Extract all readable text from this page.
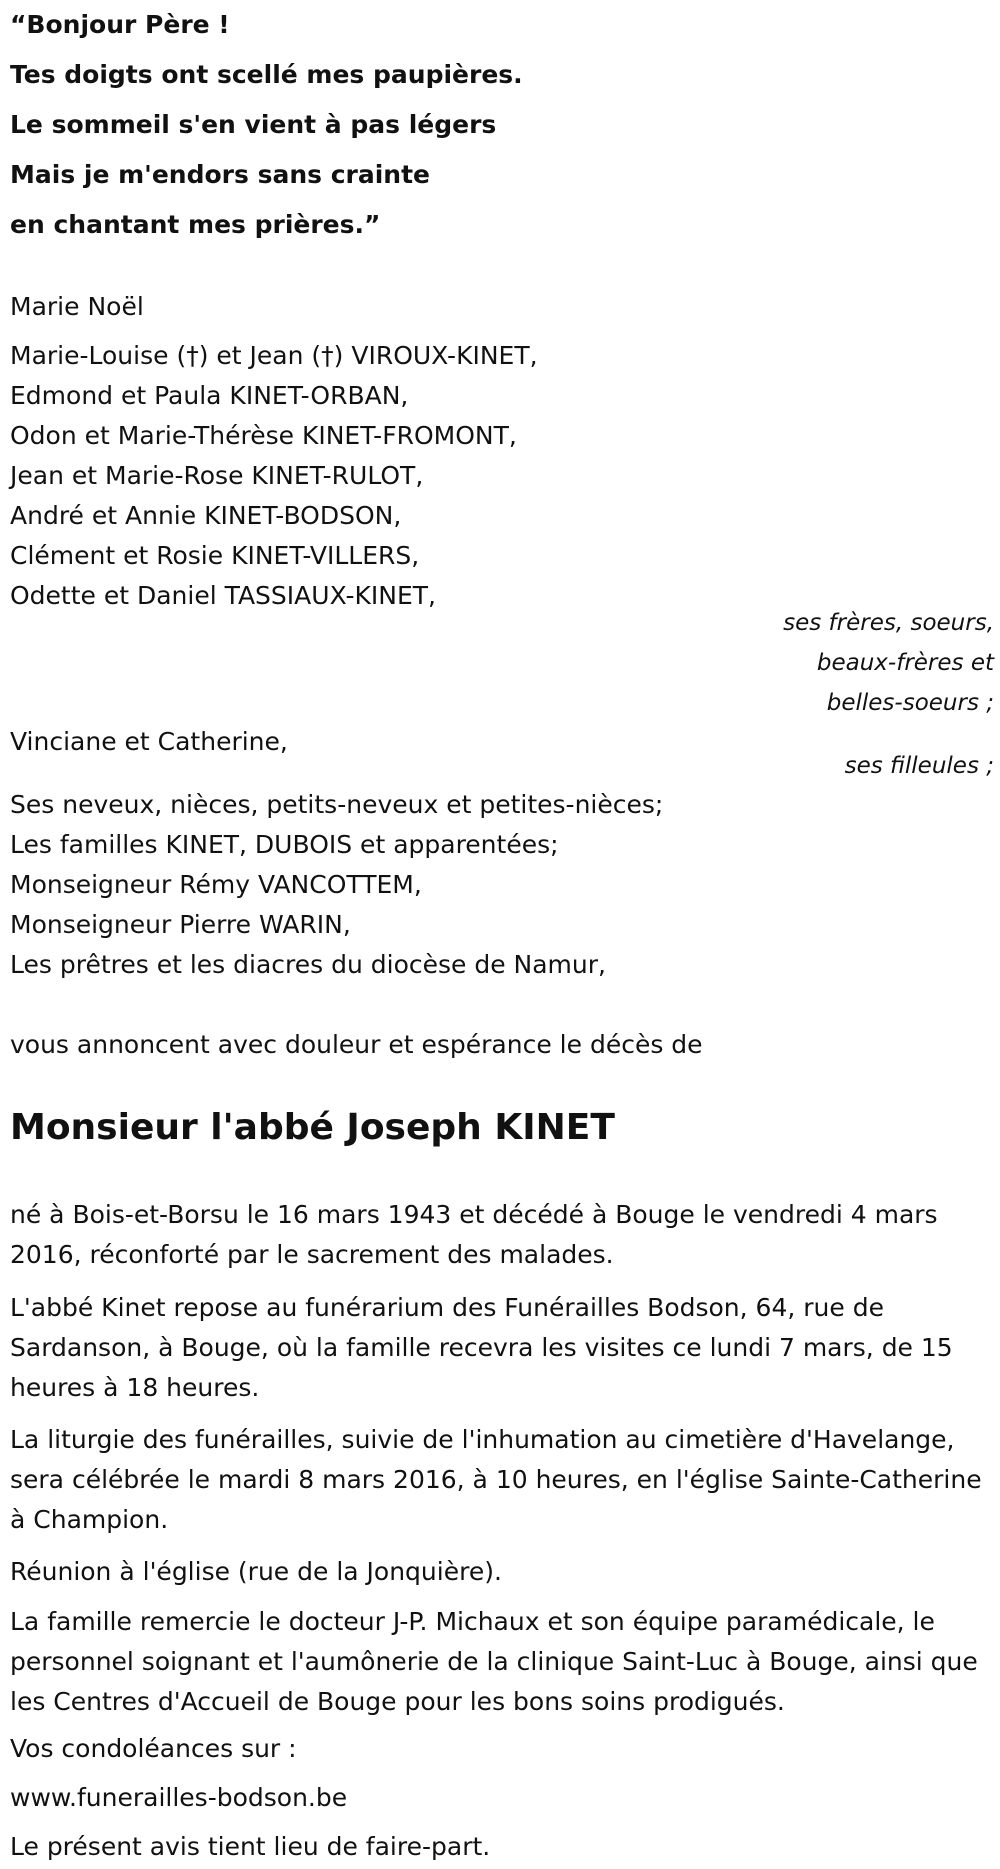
“Bonjour Père !
Tes doigts ont scellé mes paupières.
Le sommeil s'en vient à pas légers
Mais je m'endors sans crainte
en chantant mes prières.”
Marie Noël
Marie-Louise (†) et Jean (†) VIROUX-KINET,
Edmond et Paula KINET-ORBAN,
Odon et Marie-Thérèse KINET-FROMONT,
Jean et Marie-Rose KINET-RULOT,
André et Annie KINET-BODSON,
Clément et Rosie KINET-VILLERS,
Odette et Daniel TASSIAUX-KINET,
ses frères, soeurs,
beaux-frères et
belles-soeurs ;
Vinciane et Catherine,
ses filleules ;
Ses neveux, nièces, petits-neveux et petites-nièces;
Les familles KINET, DUBOIS et apparentées;
Monseigneur Rémy VANCOTTEM,
Monseigneur Pierre WARIN,
Les prêtres et les diacres du diocèse de Namur,
vous annoncent avec douleur et espérance le décès de
Monsieur l'abbé Joseph KINET
né à Bois-et-Borsu le 16 mars 1943 et décédé à Bouge le vendredi 4 mars 2016, réconforté par le sacrement des malades.
L'abbé Kinet repose au funérarium des Funérailles Bodson, 64, rue de Sardanson, à Bouge, où la famille recevra les visites ce lundi 7 mars, de 15 heures à 18 heures.
La liturgie des funérailles, suivie de l'inhumation au cimetière d'Havelange, sera célébrée le mardi 8 mars 2016, à 10 heures, en l'église Sainte-Catherine à Champion.
Réunion à l'église (rue de la Jonquière).
La famille remercie le docteur J-P. Michaux et son équipe paramédicale, le personnel soignant et l'aumônerie de la clinique Saint-Luc à Bouge, ainsi que les Centres d'Accueil de Bouge pour les bons soins prodigués.
Vos condoléances sur :
www.funerailles-bodson.be
Le présent avis tient lieu de faire-part.
